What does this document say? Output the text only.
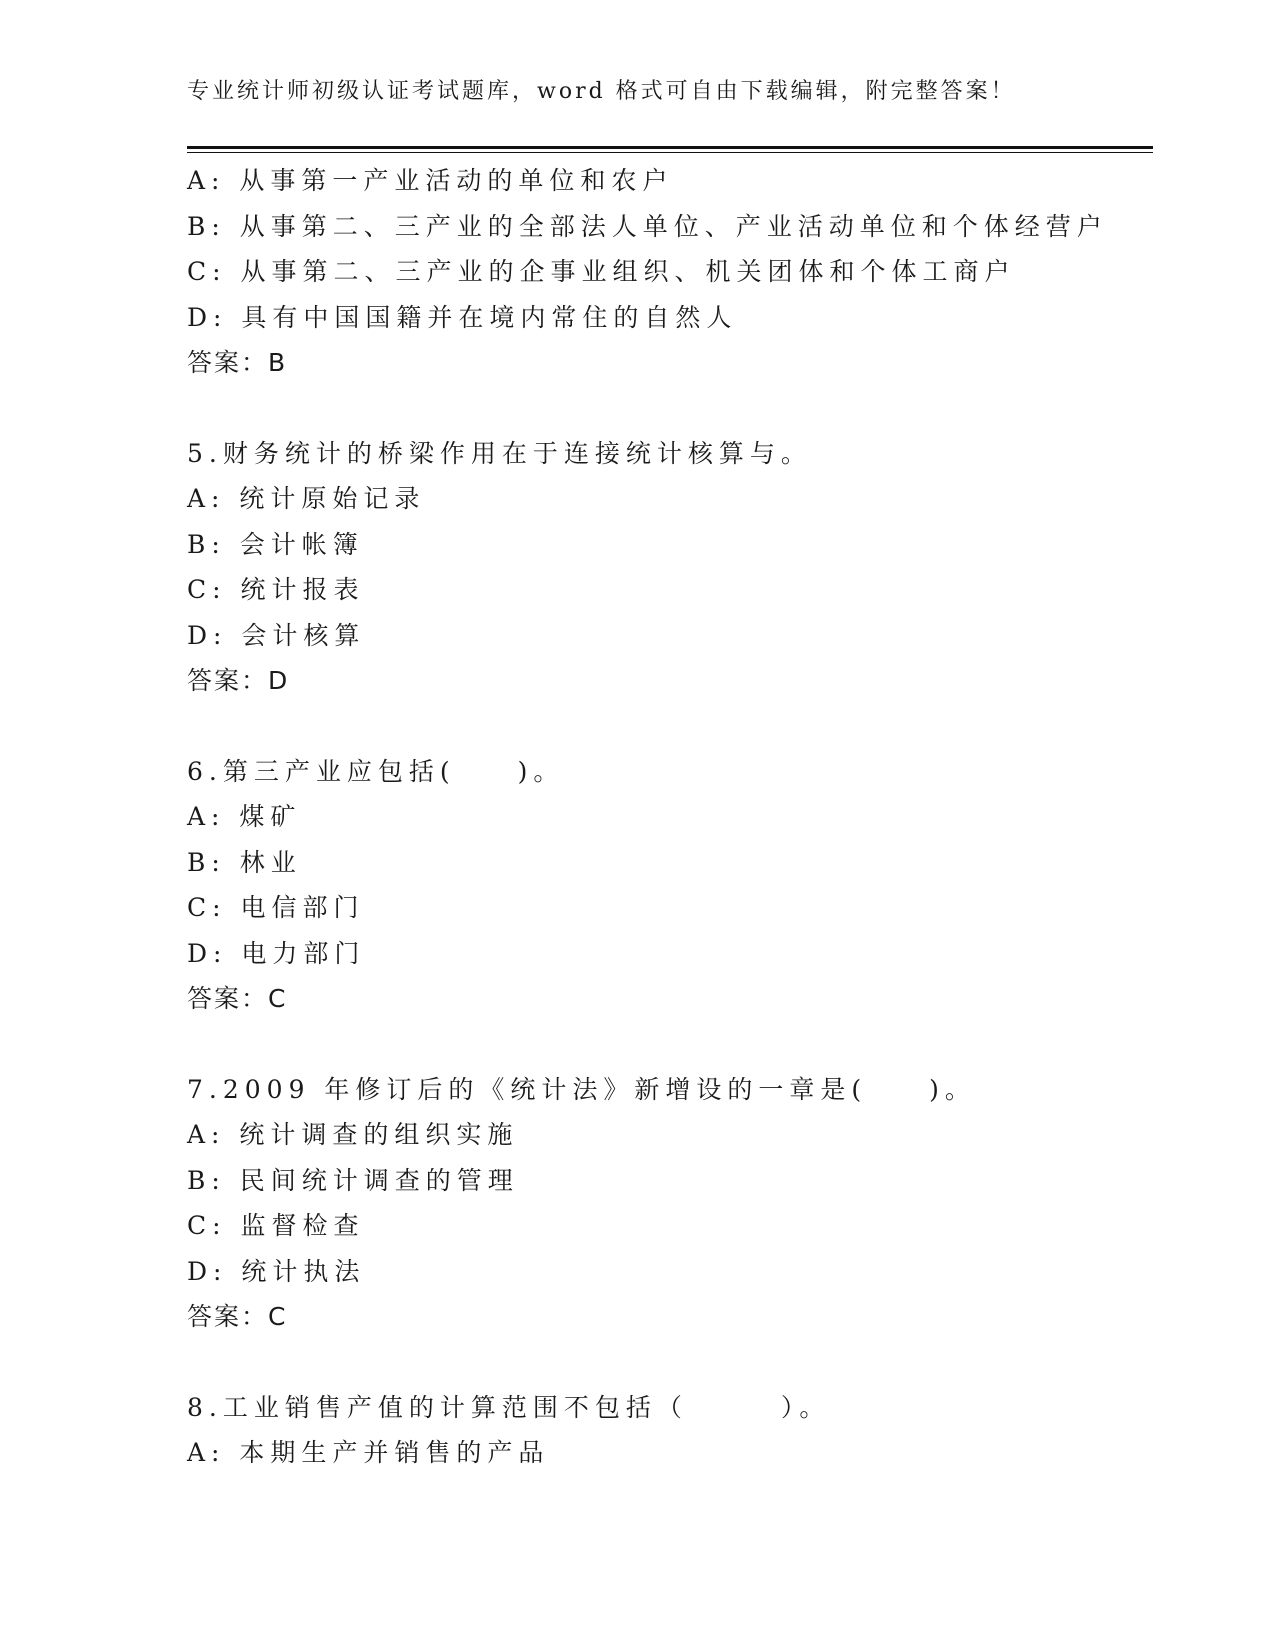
专业统计师初级认证考试题库，word 格式可自由下载编辑，附完整答案！
A: 从事第一产业活动的单位和农户
B: 从事第二、三产业的全部法人单位、产业活动单位和个体经营户
C: 从事第二、三产业的企事业组织、机关团体和个体工商户
D: 具有中国国籍并在境内常住的自然人
答案：B
5.财务统计的桥梁作用在于连接统计核算与。
A: 统计原始记录
B: 会计帐簿
C: 统计报表
D: 会计核算
答案：D
6.第三产业应包括(　　)。
A: 煤矿
B: 林业
C: 电信部门
D: 电力部门
答案：C
7.2009 年修订后的《统计法》新增设的一章是(　　)。
A: 统计调查的组织实施
B: 民间统计调查的管理
C: 监督检查
D: 统计执法
答案：C
8.工业销售产值的计算范围不包括（　　　）。
A: 本期生产并销售的产品
